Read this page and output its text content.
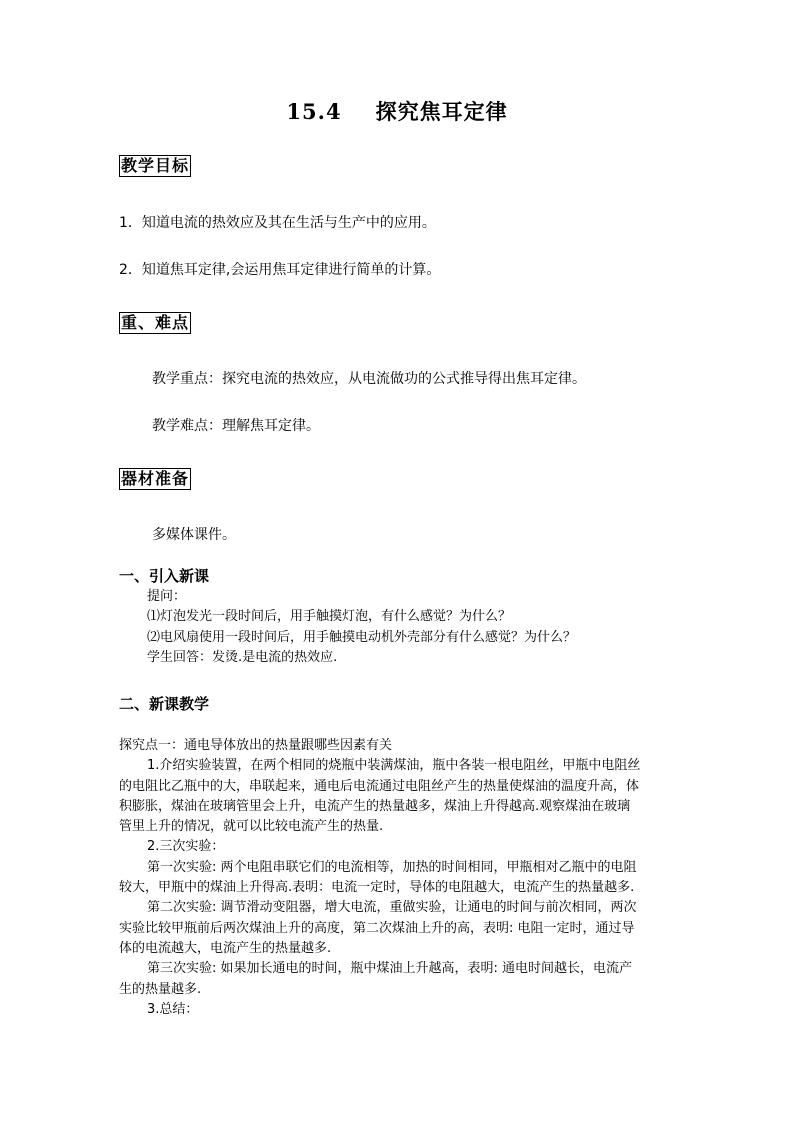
15.4 探究焦耳定律
教学目标
1．知道电流的热效应及其在生活与生产中的应用。
2．知道焦耳定律,会运用焦耳定律进行简单的计算。
重、难点
教学重点：探究电流的热效应，从电流做功的公式推导得出焦耳定律。
教学难点：理解焦耳定律。
器材准备
多媒体课件。
一、引入新课
提问：
⑴灯泡发光一段时间后，用手触摸灯泡，有什么感觉？为什么？
⑵电风扇使用一段时间后，用手触摸电动机外壳部分有什么感觉？为什么？
学生回答：发烫.是电流的热效应.
二、新课教学

探究点一：通电导体放出的热量跟哪些因素有关

1.介绍实验装置，在两个相同的烧瓶中装满煤油，瓶中各装一根电阻丝，甲瓶中电阻丝

的电阻比乙瓶中的大，串联起来，通电后电流通过电阻丝产生的热量使煤油的温度升高，体

积膨胀，煤油在玻璃管里会上升，电流产生的热量越多，煤油上升得越高.观察煤油在玻璃

管里上升的情况，就可以比较电流产生的热量.

2.三次实验：

第一次实验: 两个电阻串联它们的电流相等，加热的时间相同，甲瓶相对乙瓶中的电阻

较大，甲瓶中的煤油上升得高.表明：电流一定时，导体的电阻越大，电流产生的热量越多.

第二次实验: 调节滑动变阻器，增大电流，重做实验，让通电的时间与前次相同，两次

实验比较甲瓶前后两次煤油上升的高度，第二次煤油上升的高，表明: 电阻一定时，通过导

体的电流越大，电流产生的热量越多.

第三次实验: 如果加长通电的时间，瓶中煤油上升越高，表明: 通电时间越长，电流产

生的热量越多.

3.总结：
